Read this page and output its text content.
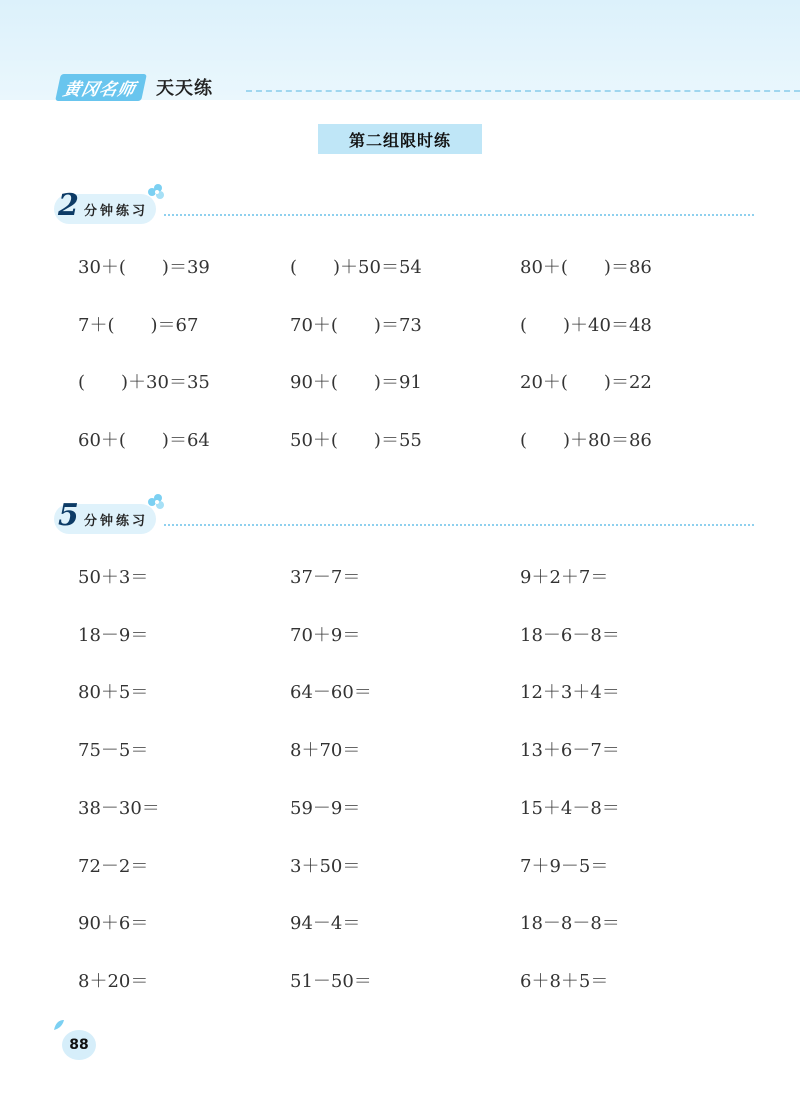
黄冈名师	天天练
第二组限时练
2 分钟练习
30＋(　　)＝39	(　　)＋50＝54	80＋(　　)＝86
7＋(　　)＝67	70＋(　　)＝73	(　　)＋40＝48
(　　)＋30＝35	90＋(　　)＝91	20＋(　　)＝22
60＋(　　)＝64	50＋(　　)＝55	(　　)＋80＝86
5 分钟练习
50＋3＝	37－7＝	9＋2＋7＝
18－9＝	70＋9＝	18－6－8＝
80＋5＝	64－60＝	12＋3＋4＝
75－5＝	8＋70＝	13＋6－7＝
38－30＝	59－9＝	15＋4－8＝
72－2＝	3＋50＝	7＋9－5＝
90＋6＝	94－4＝	18－8－8＝
8＋20＝	51－50＝	6＋8＋5＝
88
